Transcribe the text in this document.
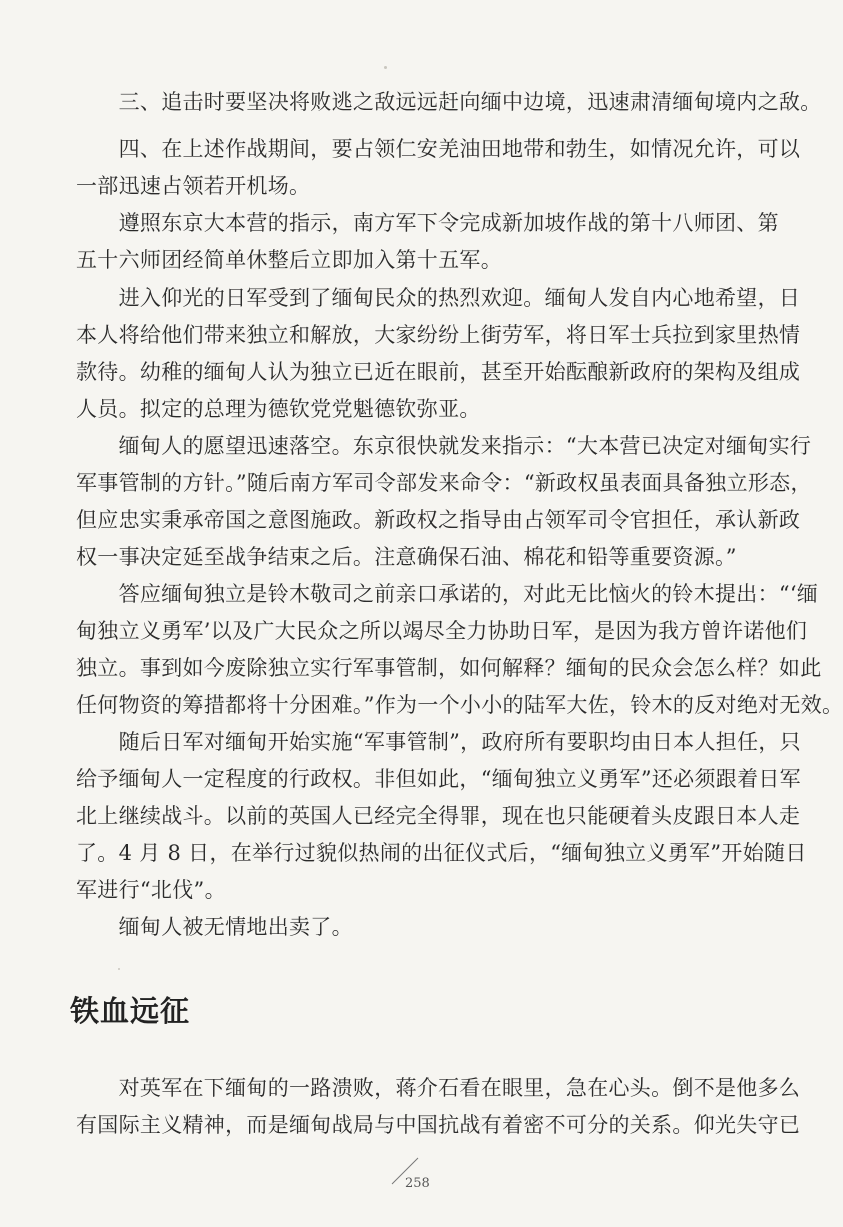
　　三、追击时要坚决将败逃之敌远远赶向缅中边境，迅速肃清缅甸境内之敌。
　　四、在上述作战期间，要占领仁安羌油田地带和勃生，如情况允许，可以
一部迅速占领若开机场。
　　遵照东京大本营的指示，南方军下令完成新加坡作战的第十八师团、第
五十六师团经简单休整后立即加入第十五军。
　　进入仰光的日军受到了缅甸民众的热烈欢迎。缅甸人发自内心地希望，日
本人将给他们带来独立和解放，大家纷纷上街劳军，将日军士兵拉到家里热情
款待。幼稚的缅甸人认为独立已近在眼前，甚至开始酝酿新政府的架构及组成
人员。拟定的总理为德钦党党魁德钦弥亚。
　　缅甸人的愿望迅速落空。东京很快就发来指示：“大本营已决定对缅甸实行
军事管制的方针。”随后南方军司令部发来命令：“新政权虽表面具备独立形态，
但应忠实秉承帝国之意图施政。新政权之指导由占领军司令官担任，承认新政
权一事决定延至战争结束之后。注意确保石油、棉花和铅等重要资源。”
　　答应缅甸独立是铃木敬司之前亲口承诺的，对此无比恼火的铃木提出：“‘缅
甸独立义勇军’以及广大民众之所以竭尽全力协助日军，是因为我方曾许诺他们
独立。事到如今废除独立实行军事管制，如何解释？缅甸的民众会怎么样？如此
任何物资的筹措都将十分困难。”作为一个小小的陆军大佐，铃木的反对绝对无效。
　　随后日军对缅甸开始实施“军事管制”，政府所有要职均由日本人担任，只
给予缅甸人一定程度的行政权。非但如此，“缅甸独立义勇军”还必须跟着日军
北上继续战斗。以前的英国人已经完全得罪，现在也只能硬着头皮跟日本人走
了。4 月 8 日，在举行过貌似热闹的出征仪式后，“缅甸独立义勇军”开始随日
军进行“北伐”。
　　缅甸人被无情地出卖了。
铁血远征
　　对英军在下缅甸的一路溃败，蒋介石看在眼里，急在心头。倒不是他多么
有国际主义精神，而是缅甸战局与中国抗战有着密不可分的关系。仰光失守已
258
